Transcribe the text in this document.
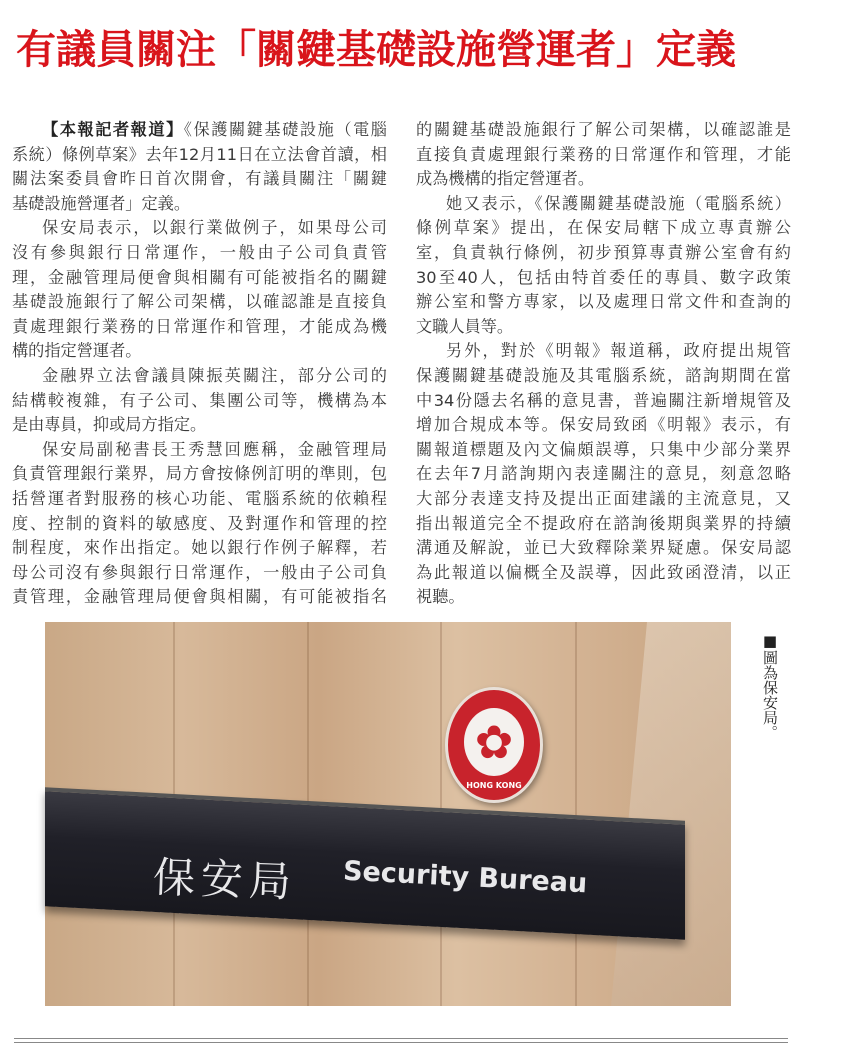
有議員關注「關鍵基礎設施營運者」定義
【本報記者報道】《保護關鍵基礎設施（電腦
系統）條例草案》去年12月11日在立法會首讀，相
關法案委員會昨日首次開會，有議員關注「關鍵
基礎設施營運者」定義。
保安局表示，以銀行業做例子，如果母公司
沒有參與銀行日常運作，一般由子公司負責管
理，金融管理局便會與相關有可能被指名的關鍵
基礎設施銀行了解公司架構，以確認誰是直接負
責處理銀行業務的日常運作和管理，才能成為機
構的指定營運者。
金融界立法會議員陳振英關注，部分公司的
結構較複雜，有子公司、集團公司等，機構為本
是由專員，抑或局方指定。
保安局副秘書長王秀慧回應稱，金融管理局
負責管理銀行業界，局方會按條例訂明的準則，包
括營運者對服務的核心功能、電腦系統的依賴程
度、控制的資料的敏感度、及對運作和管理的控
制程度，來作出指定。她以銀行作例子解釋，若
母公司沒有參與銀行日常運作，一般由子公司負
責管理，金融管理局便會與相關，有可能被指名
的關鍵基礎設施銀行了解公司架構，以確認誰是
直接負責處理銀行業務的日常運作和管理，才能
成為機構的指定營運者。
她又表示，《保護關鍵基礎設施（電腦系統）
條例草案》提出，在保安局轄下成立專責辦公
室，負責執行條例，初步預算專責辦公室會有約
30至40人，包括由特首委任的專員、數字政策
辦公室和警方專家，以及處理日常文件和查詢的
文職人員等。
另外，對於《明報》報道稱，政府提出規管
保護關鍵基礎設施及其電腦系統，諮詢期間在當
中34份隱去名稱的意見書，普遍關注新增規管及
增加合規成本等。保安局致函《明報》表示，有
關報道標題及內文偏頗誤導，只集中少部分業界
在去年7月諮詢期內表達關注的意見，刻意忽略
大部分表達支持及提出正面建議的主流意見，又
指出報道完全不提政府在諮詢後期與業界的持續
溝通及解說，並已大致釋除業界疑慮。保安局認
為此報道以偏概全及誤導，因此致函澄清，以正
視聽。
✿
HONG KONG
保安局 Security Bureau
■圖為保安局。
